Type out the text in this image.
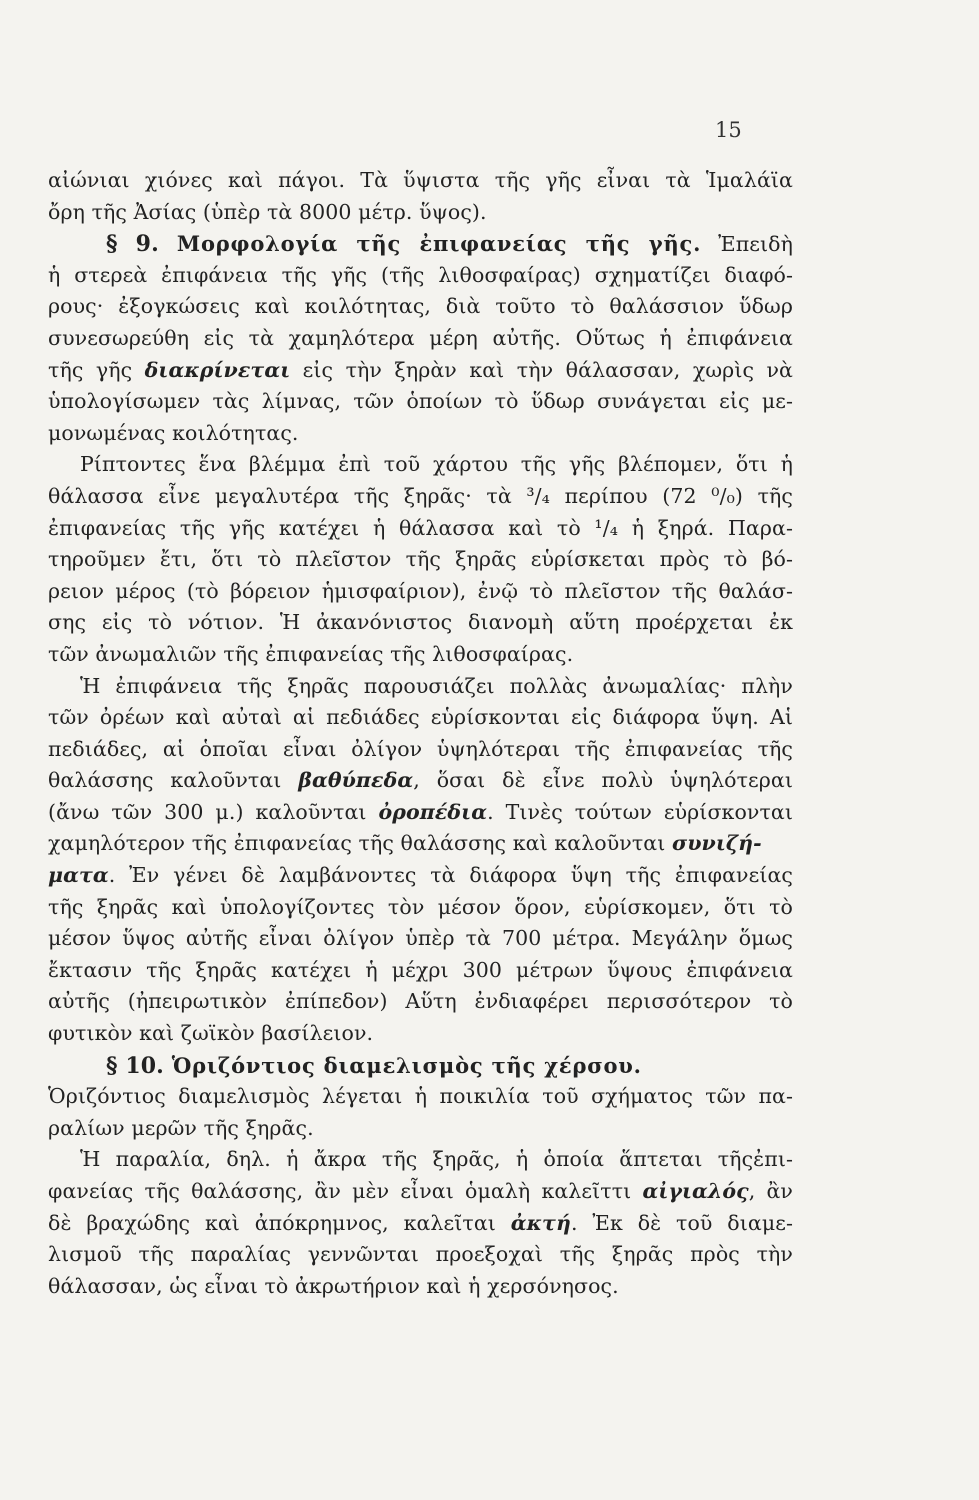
15
αἰώνιαι χιόνες καὶ πάγοι. Τὰ ὕψιστα τῆς γῆς εἶναι τὰ Ἱμαλάϊα
ὄρη τῆς Ἀσίας (ὑπὲρ τὰ 8000 μέτρ. ὕψος).
§ 9. Μορφολογία τῆς ἐπιφανείας τῆς γῆς. Ἐπειδὴ
ἡ στερεὰ ἐπιφάνεια τῆς γῆς (τῆς λιθοσφαίρας) σχηματίζει διαφό-
ρους· ἐξογκώσεις καὶ κοιλότητας, διὰ τοῦτο τὸ θαλάσσιον ὕδωρ
συνεσωρεύθη εἰς τὰ χαμηλότερα μέρη αὐτῆς. Οὕτως ἡ ἐπιφάνεια
τῆς γῆς διακρίνεται εἰς τὴν ξηρὰν καὶ τὴν θάλασσαν, χωρὶς νὰ
ὑπολογίσωμεν τὰς λίμνας, τῶν ὁποίων τὸ ὕδωρ συνάγεται εἰς με-
μονωμένας κοιλότητας.
Ρίπτοντες ἕνα βλέμμα ἐπὶ τοῦ χάρτου τῆς γῆς βλέπομεν, ὅτι ἡ
θάλασσα εἶνε μεγαλυτέρα τῆς ξηρᾶς· τὰ ³/₄ περίπου (72 ⁰/₀) τῆς
ἐπιφανείας τῆς γῆς κατέχει ἡ θάλασσα καὶ τὸ ¹/₄ ἡ ξηρά. Παρα-
τηροῦμεν ἔτι, ὅτι τὸ πλεῖστον τῆς ξηρᾶς εὑρίσκεται πρὸς τὸ βό-
ρειον μέρος (τὸ βόρειον ἡμισφαίριον), ἐνῷ τὸ πλεῖστον τῆς θαλάσ-
σης εἰς τὸ νότιον. Ἡ ἀκανόνιστος διανομὴ αὕτη προέρχεται ἐκ
τῶν ἀνωμαλιῶν τῆς ἐπιφανείας τῆς λιθοσφαίρας.
Ἡ ἐπιφάνεια τῆς ξηρᾶς παρουσιάζει πολλὰς ἀνωμαλίας· πλὴν
τῶν ὀρέων καὶ αὐταὶ αἱ πεδιάδες εὑρίσκονται εἰς διάφορα ὕψη. Αἱ
πεδιάδες, αἱ ὁποῖαι εἶναι ὀλίγον ὑψηλότεραι τῆς ἐπιφανείας τῆς
θαλάσσης καλοῦνται βαθύπεδα, ὅσαι δὲ εἶνε πολὺ ὑψηλότεραι
(ἄνω τῶν 300 μ.) καλοῦνται ὀροπέδια. Τινὲς τούτων εὑρίσκονται
χαμηλότερον τῆς ἐπιφανείας τῆς θαλάσσης καὶ καλοῦνται συνιζή-
ματα. Ἐν γένει δὲ λαμβάνοντες τὰ διάφορα ὕψη τῆς ἐπιφανείας
τῆς ξηρᾶς καὶ ὑπολογίζοντες τὸν μέσον ὅρον, εὑρίσκομεν, ὅτι τὸ
μέσον ὕψος αὐτῆς εἶναι ὀλίγον ὑπὲρ τὰ 700 μέτρα. Μεγάλην ὅμως
ἔκτασιν τῆς ξηρᾶς κατέχει ἡ μέχρι 300 μέτρων ὕψους ἐπιφάνεια
αὐτῆς (ἠπειρωτικὸν ἐπίπεδον) Αὕτη ἐνδιαφέρει περισσότερον τὸ
φυτικὸν καὶ ζωϊκὸν βασίλειον.
§ 10. Ὁριζόντιος διαμελισμὸς τῆς χέρσου.
Ὁριζόντιος διαμελισμὸς λέγεται ἡ ποικιλία τοῦ σχήματος τῶν πα-
ραλίων μερῶν τῆς ξηρᾶς.
Ἡ παραλία, δηλ. ἡ ἄκρα τῆς ξηρᾶς, ἡ ὁποία ἅπτεται τῆςἐπι-
φανείας τῆς θαλάσσης, ἂν μὲν εἶναι ὁμαλὴ καλεῖττι αἰγιαλός, ἂν
δὲ βραχώδης καὶ ἀπόκρημνος, καλεῖται ἀκτή. Ἐκ δὲ τοῦ διαμε-
λισμοῦ τῆς παραλίας γεννῶνται προεξοχαὶ τῆς ξηρᾶς πρὸς τὴν
θάλασσαν, ὡς εἶναι τὸ ἀκρωτήριον καὶ ἡ χερσόνησος.
